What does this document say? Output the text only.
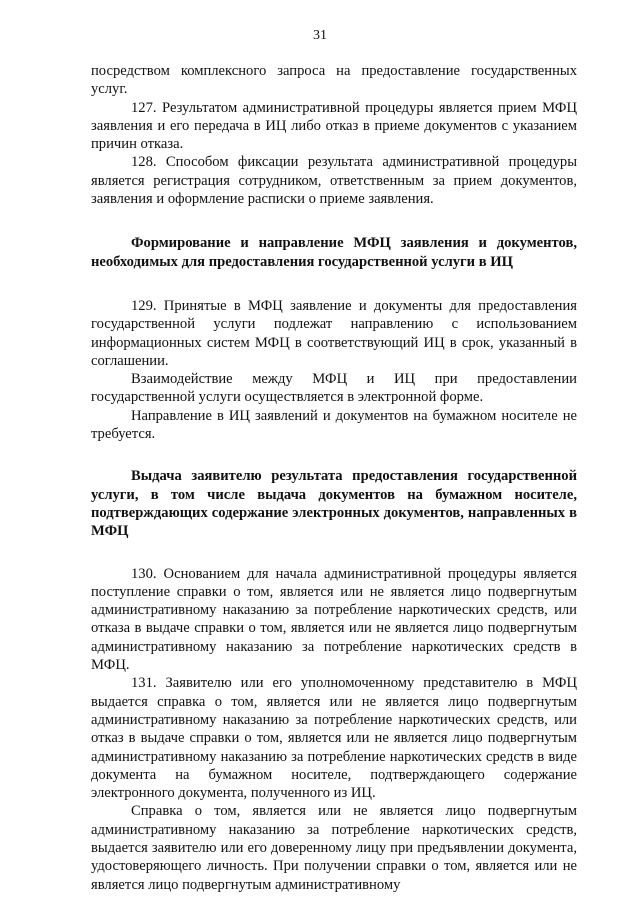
31

посредством комплексного запроса на предоставление государственных услуг.

127. Результатом административной процедуры является прием МФЦ заявления и его передача в ИЦ либо отказ в приеме документов с указанием причин отказа.

128. Способом фиксации результата административной процедуры является регистрация сотрудником, ответственным за прием документов, заявления и оформление расписки о приеме заявления.

Формирование и направление МФЦ заявления и документов, необходимых для предоставления государственной услуги в ИЦ

129. Принятые в МФЦ заявление и документы для предоставления государственной услуги подлежат направлению с использованием информационных систем МФЦ в соответствующий ИЦ в срок, указанный в соглашении.

Взаимодействие между МФЦ и ИЦ при предоставлении государственной услуги осуществляется в электронной форме.

Направление в ИЦ заявлений и документов на бумажном носителе не требуется.

Выдача заявителю результата предоставления государственной услуги, в том числе выдача документов на бумажном носителе, подтверждающих содержание электронных документов, направленных в МФЦ

130. Основанием для начала административной процедуры является поступление справки о том, является или не является лицо подвергнутым административному наказанию за потребление наркотических средств, или отказа в выдаче справки о том, является или не является лицо подвергнутым административному наказанию за потребление наркотических средств в МФЦ.

131. Заявителю или его уполномоченному представителю в МФЦ выдается справка о том, является или не является лицо подвергнутым административному наказанию за потребление наркотических средств, или отказ в выдаче справки о том, является или не является лицо подвергнутым административному наказанию за потребление наркотических средств в виде документа на бумажном носителе, подтверждающего содержание электронного документа, полученного из ИЦ.

Справка о том, является или не является лицо подвергнутым административному наказанию за потребление наркотических средств, выдается заявителю или его доверенному лицу при предъявлении документа, удостоверяющего личность. При получении справки о том, является или не является лицо подвергнутым административному
